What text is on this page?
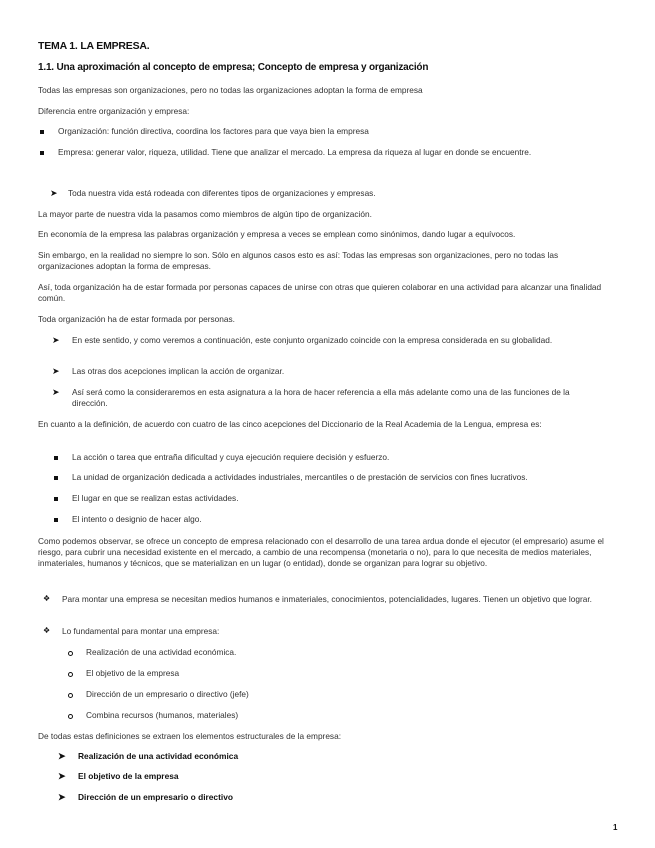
TEMA 1. LA EMPRESA.
1.1. Una aproximación al concepto de empresa; Concepto de empresa y organización
Todas las empresas son organizaciones, pero no todas las organizaciones adoptan la forma de empresa
Diferencia entre organización y empresa:
Organización: función directiva, coordina los factores para que vaya bien la empresa
Empresa: generar valor, riqueza, utilidad. Tiene que analizar el mercado. La empresa da riqueza al lugar en donde se encuentre.
➤ Toda nuestra vida está rodeada con diferentes tipos de organizaciones y empresas.
La mayor parte de nuestra vida la pasamos como miembros de algún tipo de organización.
En economía de la empresa las palabras organización y empresa a veces se emplean como sinónimos, dando lugar a equívocos.
Sin embargo, en la realidad no siempre lo son. Sólo en algunos casos esto es así: Todas las empresas son organizaciones, pero no todas las organizaciones adoptan la forma de empresas.
Así, toda organización ha de estar formada por personas capaces de unirse con otras que quieren colaborar en una actividad para alcanzar una finalidad común.
Toda organización ha de estar formada por personas.
➤ En este sentido, y como veremos a continuación, este conjunto organizado coincide con la empresa considerada en su globalidad.
➤ Las otras dos acepciones implican la acción de organizar.
➤ Así será como la consideraremos en esta asignatura a la hora de hacer referencia a ella más adelante como una de las funciones de la dirección.
En cuanto a la definición, de acuerdo con cuatro de las cinco acepciones del Diccionario de la Real Academia de la Lengua, empresa es:
La acción o tarea que entraña dificultad y cuya ejecución requiere decisión y esfuerzo.
La unidad de organización dedicada a actividades industriales, mercantiles o de prestación de servicios con fines lucrativos.
El lugar en que se realizan estas actividades.
El intento o designio de hacer algo.
Como podemos observar, se ofrece un concepto de empresa relacionado con el desarrollo de una tarea ardua donde el ejecutor (el empresario) asume el riesgo, para cubrir una necesidad existente en el mercado, a cambio de una recompensa (monetaria o no), para lo que necesita de medios materiales, inmateriales, humanos y técnicos, que se materializan en un lugar (o entidad), donde se organizan para lograr su objetivo.
❖ Para montar una empresa se necesitan medios humanos e inmateriales, conocimientos, potencialidades, lugares. Tienen un objetivo que lograr.
❖ Lo fundamental para montar una empresa:
Realización de una actividad económica.
El objetivo de la empresa
Dirección de un empresario o directivo (jefe)
Combina recursos (humanos, materiales)
De todas estas definiciones se extraen los elementos estructurales de la empresa:
➤ Realización de una actividad económica
➤ El objetivo de la empresa
➤ Dirección de un empresario o directivo
1
